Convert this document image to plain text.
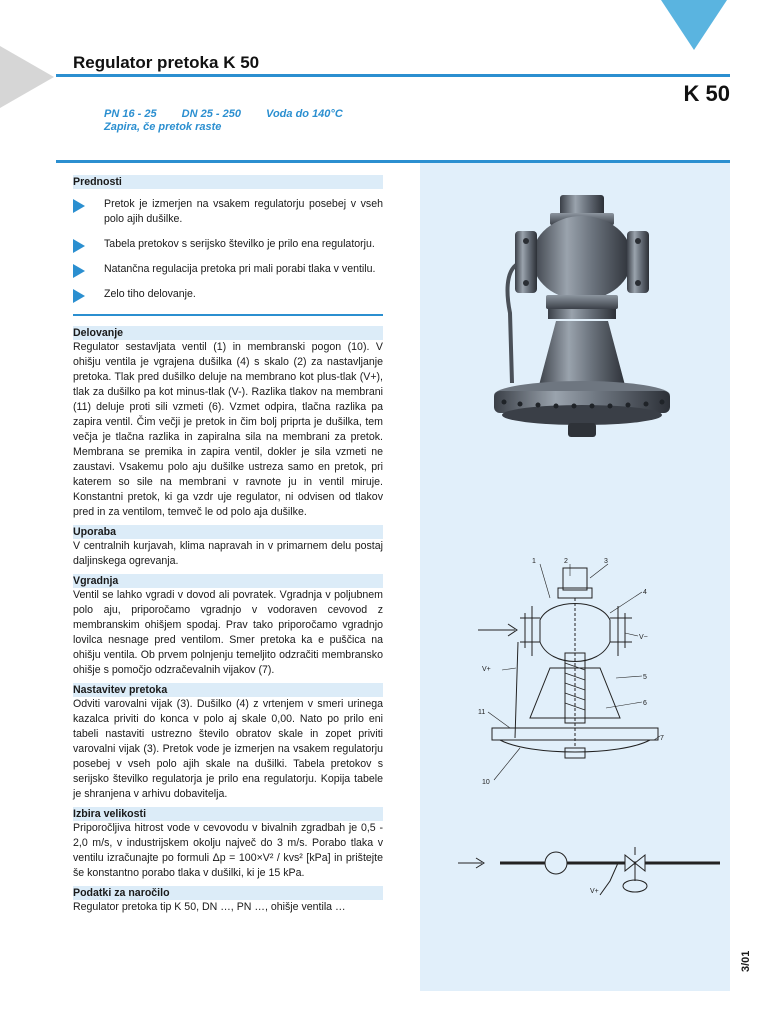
Regulator pretoka K 50
K 50
PN 16 - 25 DN 25 - 250 Voda do 140°C
Zapira, če pretok raste
1	2	3
4
V−
V+
5
6
11
7
10
V+
Prednosti
Pretok je izmerjen na vsakem regulatorju posebej v vseh polo ajih dušilke.
Tabela pretokov s serijsko številko je prilo ena regulatorju.
Natančna regulacija pretoka pri mali porabi tlaka v ventilu.
Zelo tiho delovanje.
Delovanje
Regulator sestavljata ventil (1) in membranski pogon (10). V ohišju ventila je vgrajena dušilka (4) s skalo (2) za nastavljanje pretoka. Tlak pred dušilko deluje na membrano kot plus-tlak (V+), tlak za dušilko pa kot minus-tlak (V-). Razlika tlakov na membrani (11) deluje proti sili vzmeti (6). Vzmet odpira, tlačna razlika pa zapira ventil. Čim večji je pretok in čim bolj priprta je dušilka, tem večja je tlačna razlika in zapiralna sila na membrani za pretok. Membrana se premika in zapira ventil, dokler je sila vzmeti ne zaustavi. Vsakemu polo aju dušilke ustreza samo en pretok, pri katerem so sile na membrani v ravnote ju in ventil miruje. Konstantni pretok, ki ga vzdr uje regulator, ni odvisen od tlakov pred in za ventilom, temveč le od polo aja dušilke.
Uporaba
V centralnih kurjavah, klima napravah in v primarnem delu postaj daljinskega ogrevanja.
Vgradnja
Ventil se lahko vgradi v dovod ali povratek. Vgradnja v poljubnem polo aju, priporočamo vgradnjo v vodoraven cevovod z membranskim ohišjem spodaj. Prav tako priporočamo vgradnjo lovilca nesnage pred ventilom. Smer pretoka ka e puščica na ohišju ventila. Ob prvem polnjenju temeljito odzračiti membransko ohišje s pomočjo odzračevalnih vijakov (7).
Nastavitev pretoka
Odviti varovalni vijak (3). Dušilko (4) z vrtenjem v smeri urinega kazalca priviti do konca v polo aj skale 0,00. Nato po prilo eni tabeli nastaviti ustrezno število obratov skale in zopet priviti varovalni vijak (3). Pretok vode je izmerjen na vsakem regulatorju posebej v vseh polo ajih skale na dušilki. Tabela pretokov s serijsko številko regulatorja je prilo ena regulatorju. Kopija tabele je shranjena v arhivu dobavitelja.
Izbira velikosti
Priporočljiva hitrost vode v cevovodu v bivalnih zgradbah je 0,5 - 2,0 m/s, v industrijskem okolju največ do 3 m/s. Porabo tlaka v ventilu izračunajte po formuli Δp = 100×V² / kvs² [kPa] in prištejte še konstantno porabo tlaka v dušilki, ki je 15 kPa.
Podatki za naročilo
Regulator pretoka tip K 50, DN …, PN …, ohišje ventila …
3/01
